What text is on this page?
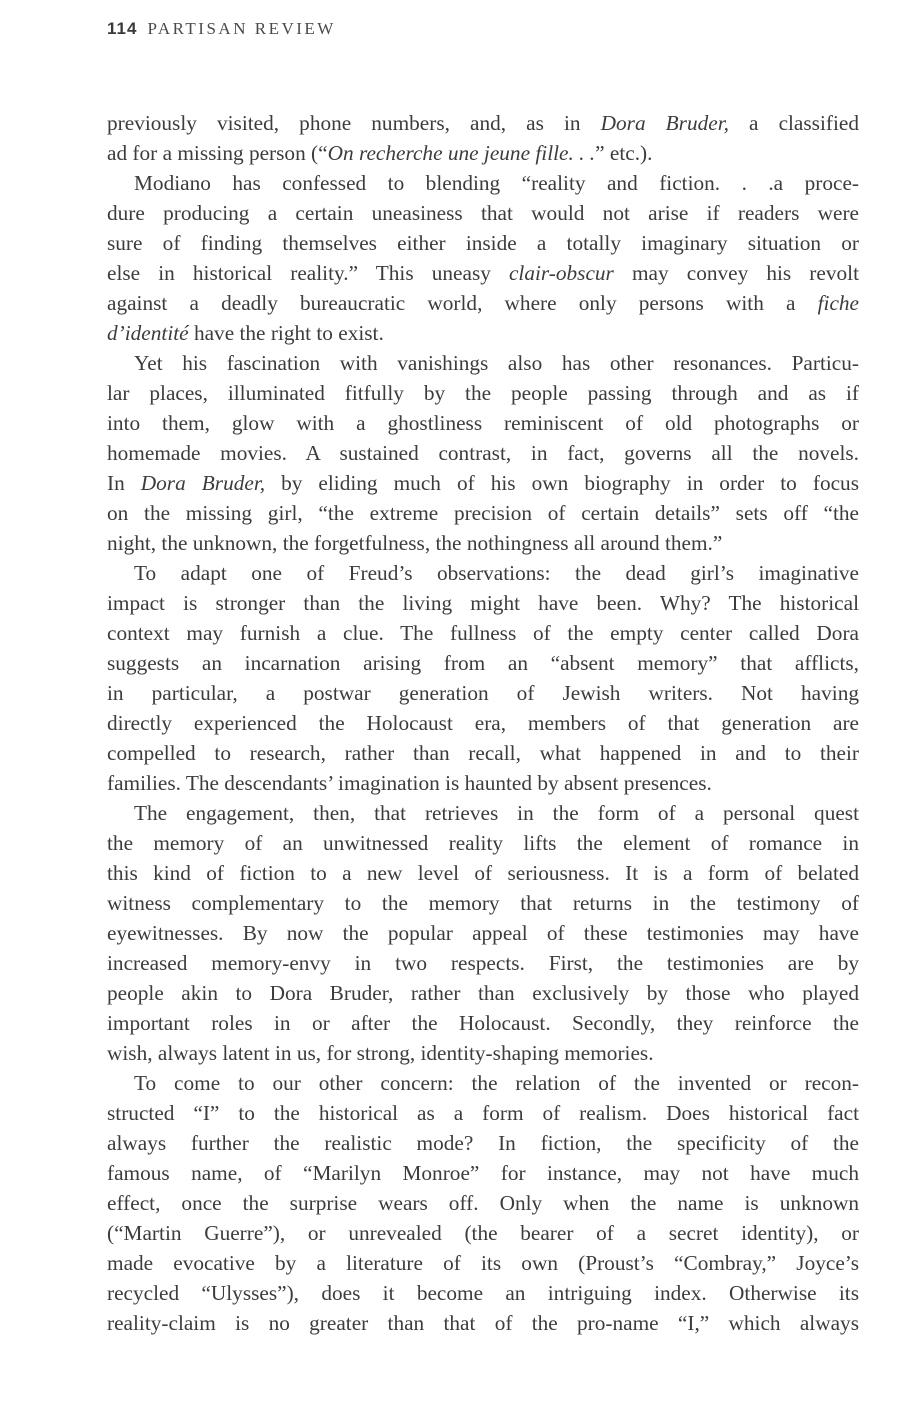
114 PARTISAN REVIEW
previously visited, phone numbers, and, as in Dora Bruder, a classified
ad for a missing person (“On recherche une jeune fille. . .” etc.).
Modiano has confessed to blending “reality and fiction. . .a proce-
dure producing a certain uneasiness that would not arise if readers were
sure of finding themselves either inside a totally imaginary situation or
else in historical reality.” This uneasy clair-obscur may convey his revolt
against a deadly bureaucratic world, where only persons with a fiche
d’identité have the right to exist.
Yet his fascination with vanishings also has other resonances. Particu-
lar places, illuminated fitfully by the people passing through and as if
into them, glow with a ghostliness reminiscent of old photographs or
homemade movies. A sustained contrast, in fact, governs all the novels.
In Dora Bruder, by eliding much of his own biography in order to focus
on the missing girl, “the extreme precision of certain details” sets off “the
night, the unknown, the forgetfulness, the nothingness all around them.”
To adapt one of Freud’s observations: the dead girl’s imaginative
impact is stronger than the living might have been. Why? The historical
context may furnish a clue. The fullness of the empty center called Dora
suggests an incarnation arising from an “absent memory” that afflicts,
in particular, a postwar generation of Jewish writers. Not having
directly experienced the Holocaust era, members of that generation are
compelled to research, rather than recall, what happened in and to their
families. The descendants’ imagination is haunted by absent presences.
The engagement, then, that retrieves in the form of a personal quest
the memory of an unwitnessed reality lifts the element of romance in
this kind of fiction to a new level of seriousness. It is a form of belated
witness complementary to the memory that returns in the testimony of
eyewitnesses. By now the popular appeal of these testimonies may have
increased memory-envy in two respects. First, the testimonies are by
people akin to Dora Bruder, rather than exclusively by those who played
important roles in or after the Holocaust. Secondly, they reinforce the
wish, always latent in us, for strong, identity-shaping memories.
To come to our other concern: the relation of the invented or recon-
structed “I” to the historical as a form of realism. Does historical fact
always further the realistic mode? In fiction, the specificity of the
famous name, of “Marilyn Monroe” for instance, may not have much
effect, once the surprise wears off. Only when the name is unknown
(“Martin Guerre”), or unrevealed (the bearer of a secret identity), or
made evocative by a literature of its own (Proust’s “Combray,” Joyce’s
recycled “Ulysses”), does it become an intriguing index. Otherwise its
reality-claim is no greater than that of the pro-name “I,” which always
